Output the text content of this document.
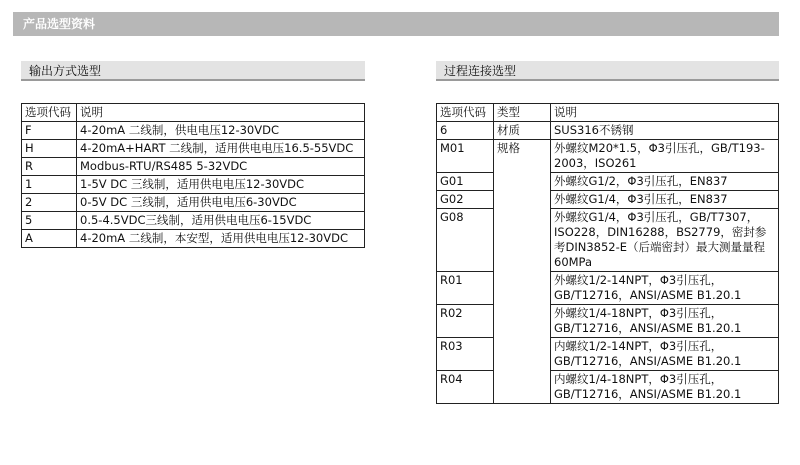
产品选型资料
输出方式选型	过程连接选型
选项代码	说明
F	4-20mA 二线制，供电电压12-30VDC
H	4-20mA+HART 二线制，适用供电电压16.5-55VDC
R	Modbus-RTU/RS485 5-32VDC
1	1-5V DC 三线制，适用供电电压12-30VDC
2	0-5V DC 三线制，适用供电电压6-30VDC
5	0.5-4.5VDC三线制，适用供电电压6-15VDC
A	4-20mA 二线制，本安型，适用供电电压12-30VDC
选项代码	类型	说明
6	材质	SUS316不锈钢
M01	规格	外螺纹M20*1.5，Φ3引压孔，GB/T193-2003，ISO261
G01		外螺纹G1/2，Φ3引压孔，EN837
G02		外螺纹G1/4，Φ3引压孔，EN837
G08		外螺纹G1/4，Φ3引压孔，GB/T7307，ISO228，DIN16288，BS2779，密封参考DIN3852-E（后端密封）最大测量量程60MPa
R01		外螺纹1/2-14NPT，Φ3引压孔，GB/T12716，ANSI/ASME B1.20.1
R02		外螺纹1/4-18NPT，Φ3引压孔，GB/T12716，ANSI/ASME B1.20.1
R03		内螺纹1/2-14NPT，Φ3引压孔，GB/T12716，ANSI/ASME B1.20.1
R04		内螺纹1/4-18NPT，Φ3引压孔，GB/T12716，ANSI/ASME B1.20.1
